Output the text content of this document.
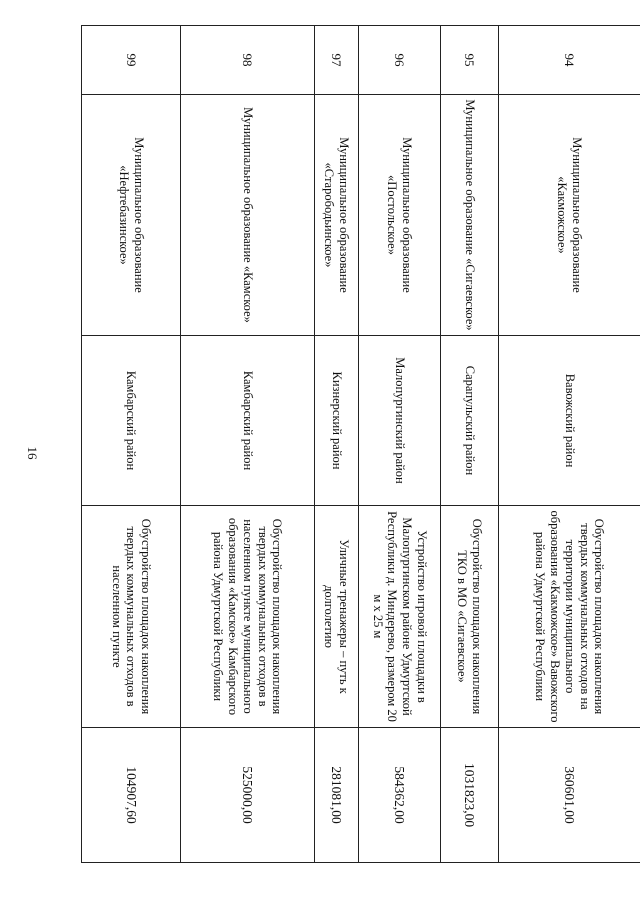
16
94	Муниципальное образование «Какможское»	Вавожский район	Обустройство площадок накопления твердых коммунальных отходов на территории муниципального образования «Какможское» Вавожского района Удмуртской Республики	360601,00
95	Муниципальное образование «Сигаевское»	Сарапульский район	Обустройство площадок накопления ТКО в МО «Сигаевское»	1031823,00
96	Муниципальное образование «Постольское»	Малопургинский район	Устройство игровой площадки в Малопургинском районе Удмуртской Республики д. Миндерево, размером 20 м х 25 м	584362,00
97	Муниципальное образование «Старободьинское»	Кизнерский район	Уличные тренажеры – путь к долголетию	281081,00
98	Муниципальное образование «Камское»	Камбарский район	Обустройство площадок накопления твердых коммунальных отходов в населенном пункте муниципального образования «Камское» Камбарского района Удмуртской Республики	525000,00
99	Муниципальное образование «Нефтебазинское»	Камбарский район	Обустройство площадок накопления твердых коммунальных отходов в населенном пункте	104907,60
